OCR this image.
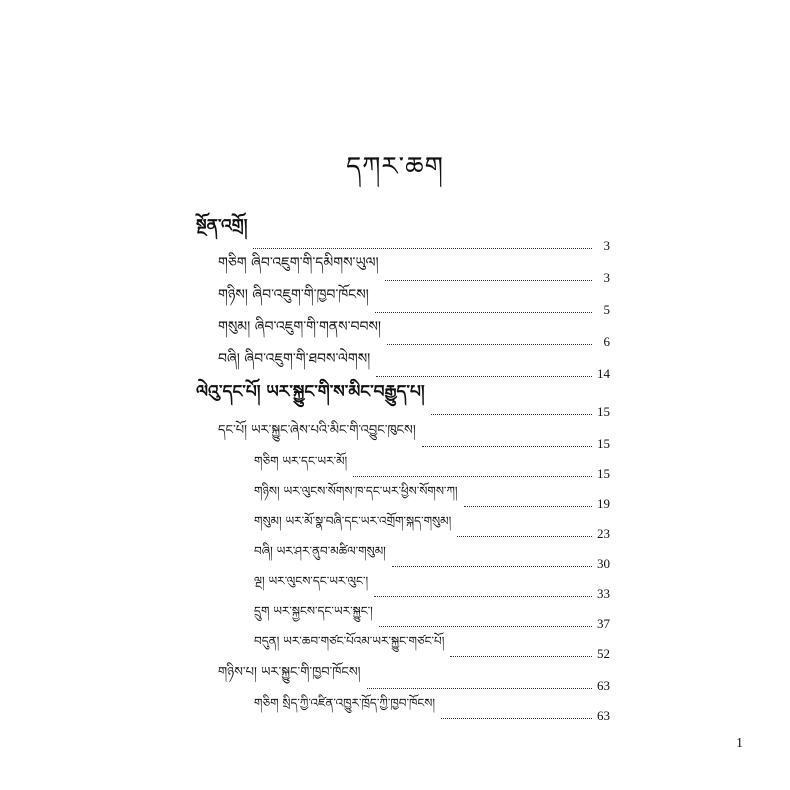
དཀར་ཆག
སྔོན་འགྲོ།
3
གཅིག ཞིབ་འཇུག་གི་དམིགས་ཡུལ།
3
གཉིས། ཞིབ་འཇུག་གི་ཁྱབ་ཁོངས།
5
གསུམ། ཞིབ་འཇུག་གི་གནས་བབས།
6
བཞི། ཞིབ་འཇུག་གི་ཐབས་ལེགས།
14
ལེའུ་དང་པོ། ཡར་སྐྱུང་གི་ས་མིང་བརྒྱུད་པ།
15
དང་པོ། ཡར་སྐྱུང་ཞེས་པའི་མིང་གི་འབྱུང་ཁུངས།
15
གཅིག ཡར་དང་ཡར་མོ།
15
གཉིས། ཡར་ལུངས་སོགས་ཁ་དང་ཡར་ཕྱིས་སོགས་ཀ།
19
གསུམ། ཡར་མོ་སྣ་བཞི་དང་ཡར་འགྲོག་སྐད་གསུམ།
23
བཞི། ཡར་ཤར་ནུབ་མཚིལ་གསུམ།
30
ལྔ། ཡར་ལུངས་དང་ཡར་ལུང་།
33
དྲུག ཡར་སྐྱངས་དང་ཡར་སྐྱུང་།
37
བདུན། ཡར་ཆབ་གཙང་པོའམ་ཡར་སྐྱུང་གཙང་པོ།
52
གཉིས་པ། ཡར་སྐྱུང་གི་ཁྱབ་ཁོངས།
63
གཅིག སྲིད་ཀྱི་འཛིན་འཁྱུར་ཁྲོད་ཀྱི་ཁྱབ་ཁོངས།
63
1
